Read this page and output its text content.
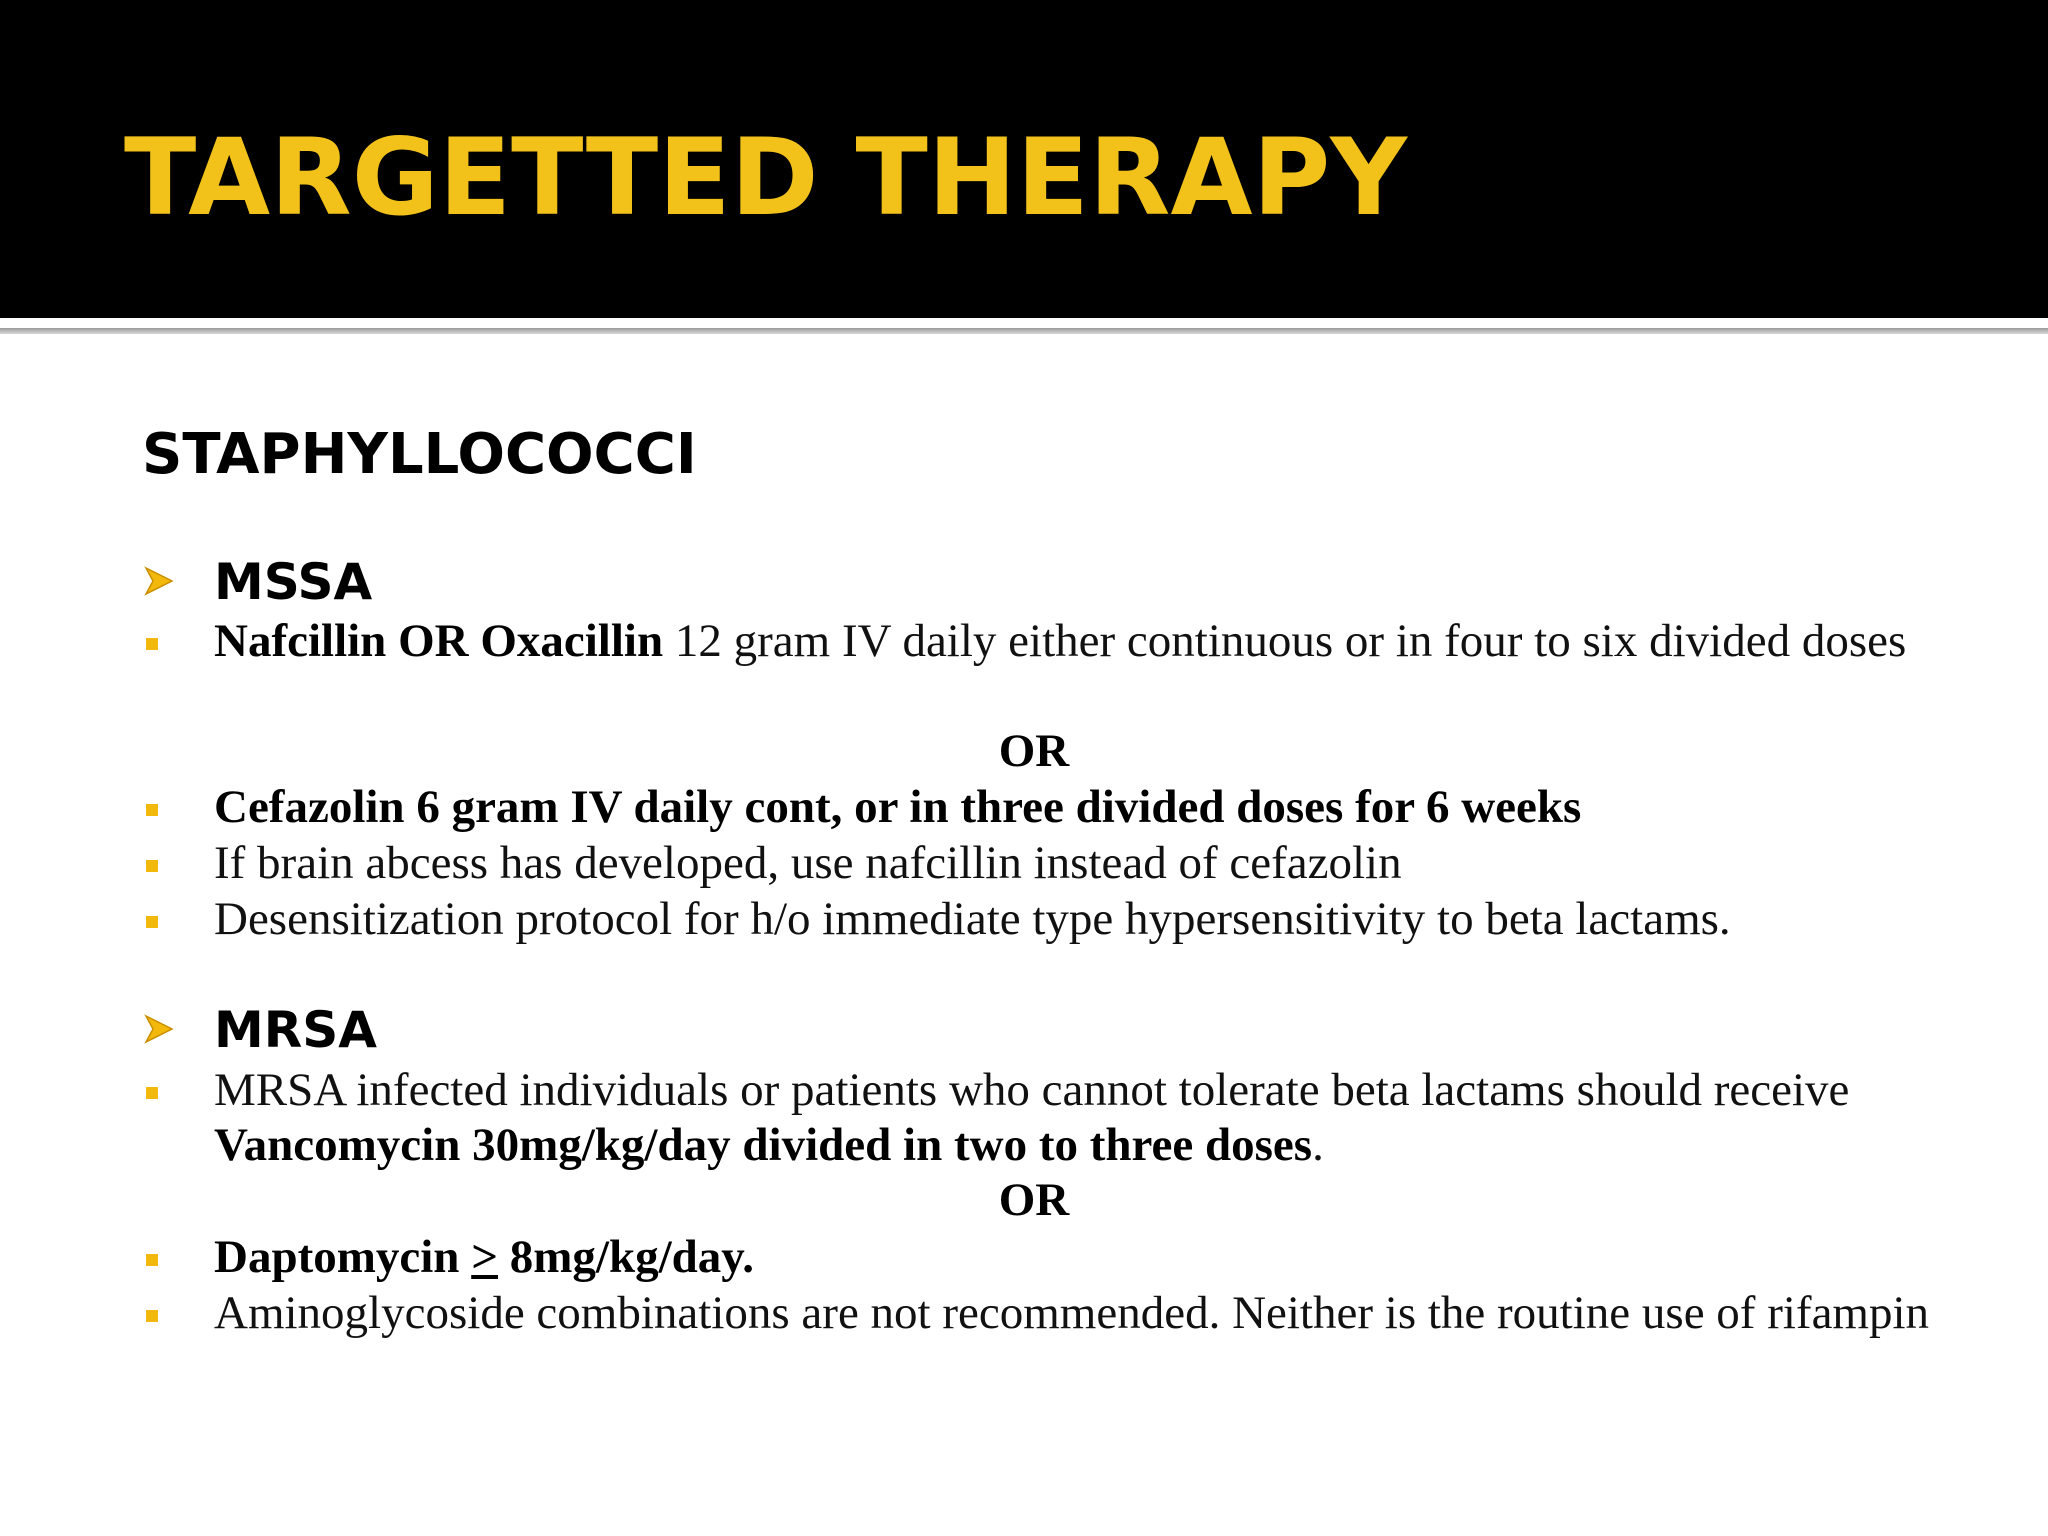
TARGETTED THERAPY
STAPHYLLOCOCCI
MSSA
Nafcillin OR Oxacillin 12 gram IV daily either continuous or in four to six divided doses
OR
Cefazolin 6 gram IV daily cont, or in three divided doses for 6 weeks
If brain abcess has developed, use nafcillin instead of cefazolin
Desensitization protocol for h/o immediate type hypersensitivity to beta lactams.
MRSA
MRSA infected individuals or patients who cannot tolerate beta lactams should receive Vancomycin 30mg/kg/day divided in two to three doses.
OR
Daptomycin ≥ 8mg/kg/day.
Aminoglycoside combinations are not recommended. Neither is the routine use of rifampin
